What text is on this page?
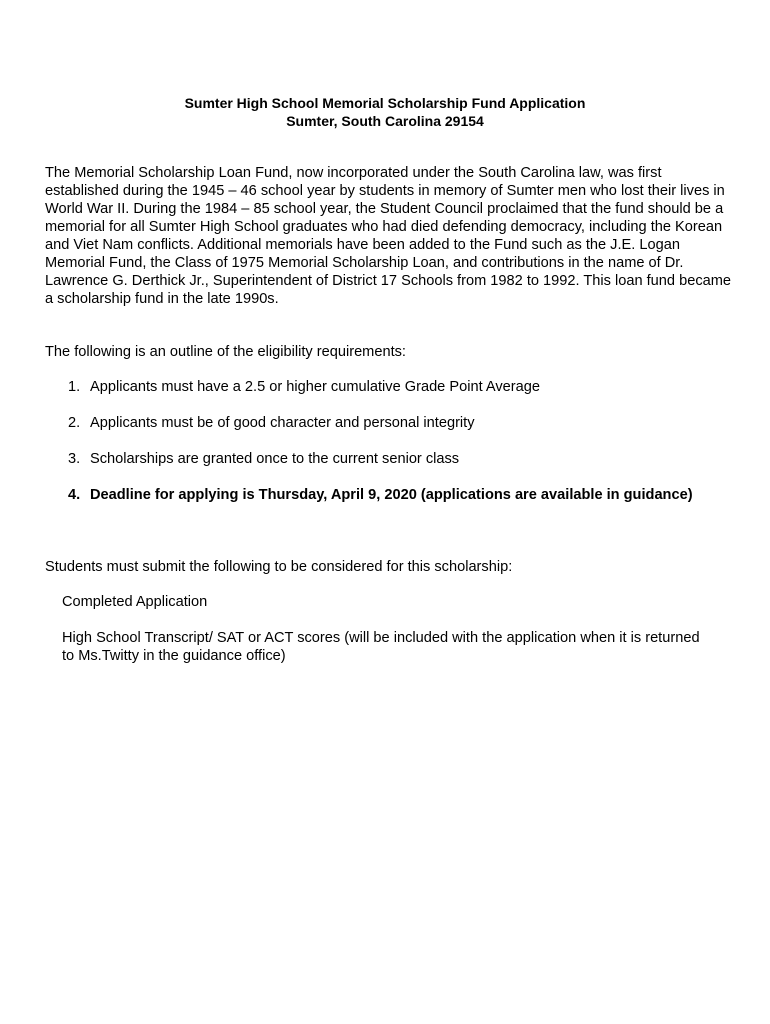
Sumter High School Memorial Scholarship Fund Application
Sumter, South Carolina 29154

The Memorial Scholarship Loan Fund, now incorporated under the South Carolina law, was first established during the 1945 – 46 school year by students in memory of Sumter men who lost their lives in World War II. During the 1984 – 85 school year, the Student Council proclaimed that the fund should be a memorial for all Sumter High School graduates who had died defending democracy, including the Korean and Viet Nam conflicts. Additional memorials have been added to the Fund such as the J.E. Logan Memorial Fund, the Class of 1975 Memorial Scholarship Loan, and contributions in the name of Dr. Lawrence G. Derthick Jr., Superintendent of District 17 Schools from 1982 to 1992. This loan fund became a scholarship fund in the late 1990s.

The following is an outline of the eligibility requirements:

1. Applicants must have a 2.5 or higher cumulative Grade Point Average
2. Applicants must be of good character and personal integrity
3. Scholarships are granted once to the current senior class
4. Deadline for applying is Thursday, April 9, 2020 (applications are available in guidance)

Students must submit the following to be considered for this scholarship:

Completed Application

High School Transcript/ SAT or ACT scores (will be included with the application when it is returned to Ms.Twitty in the guidance office)
